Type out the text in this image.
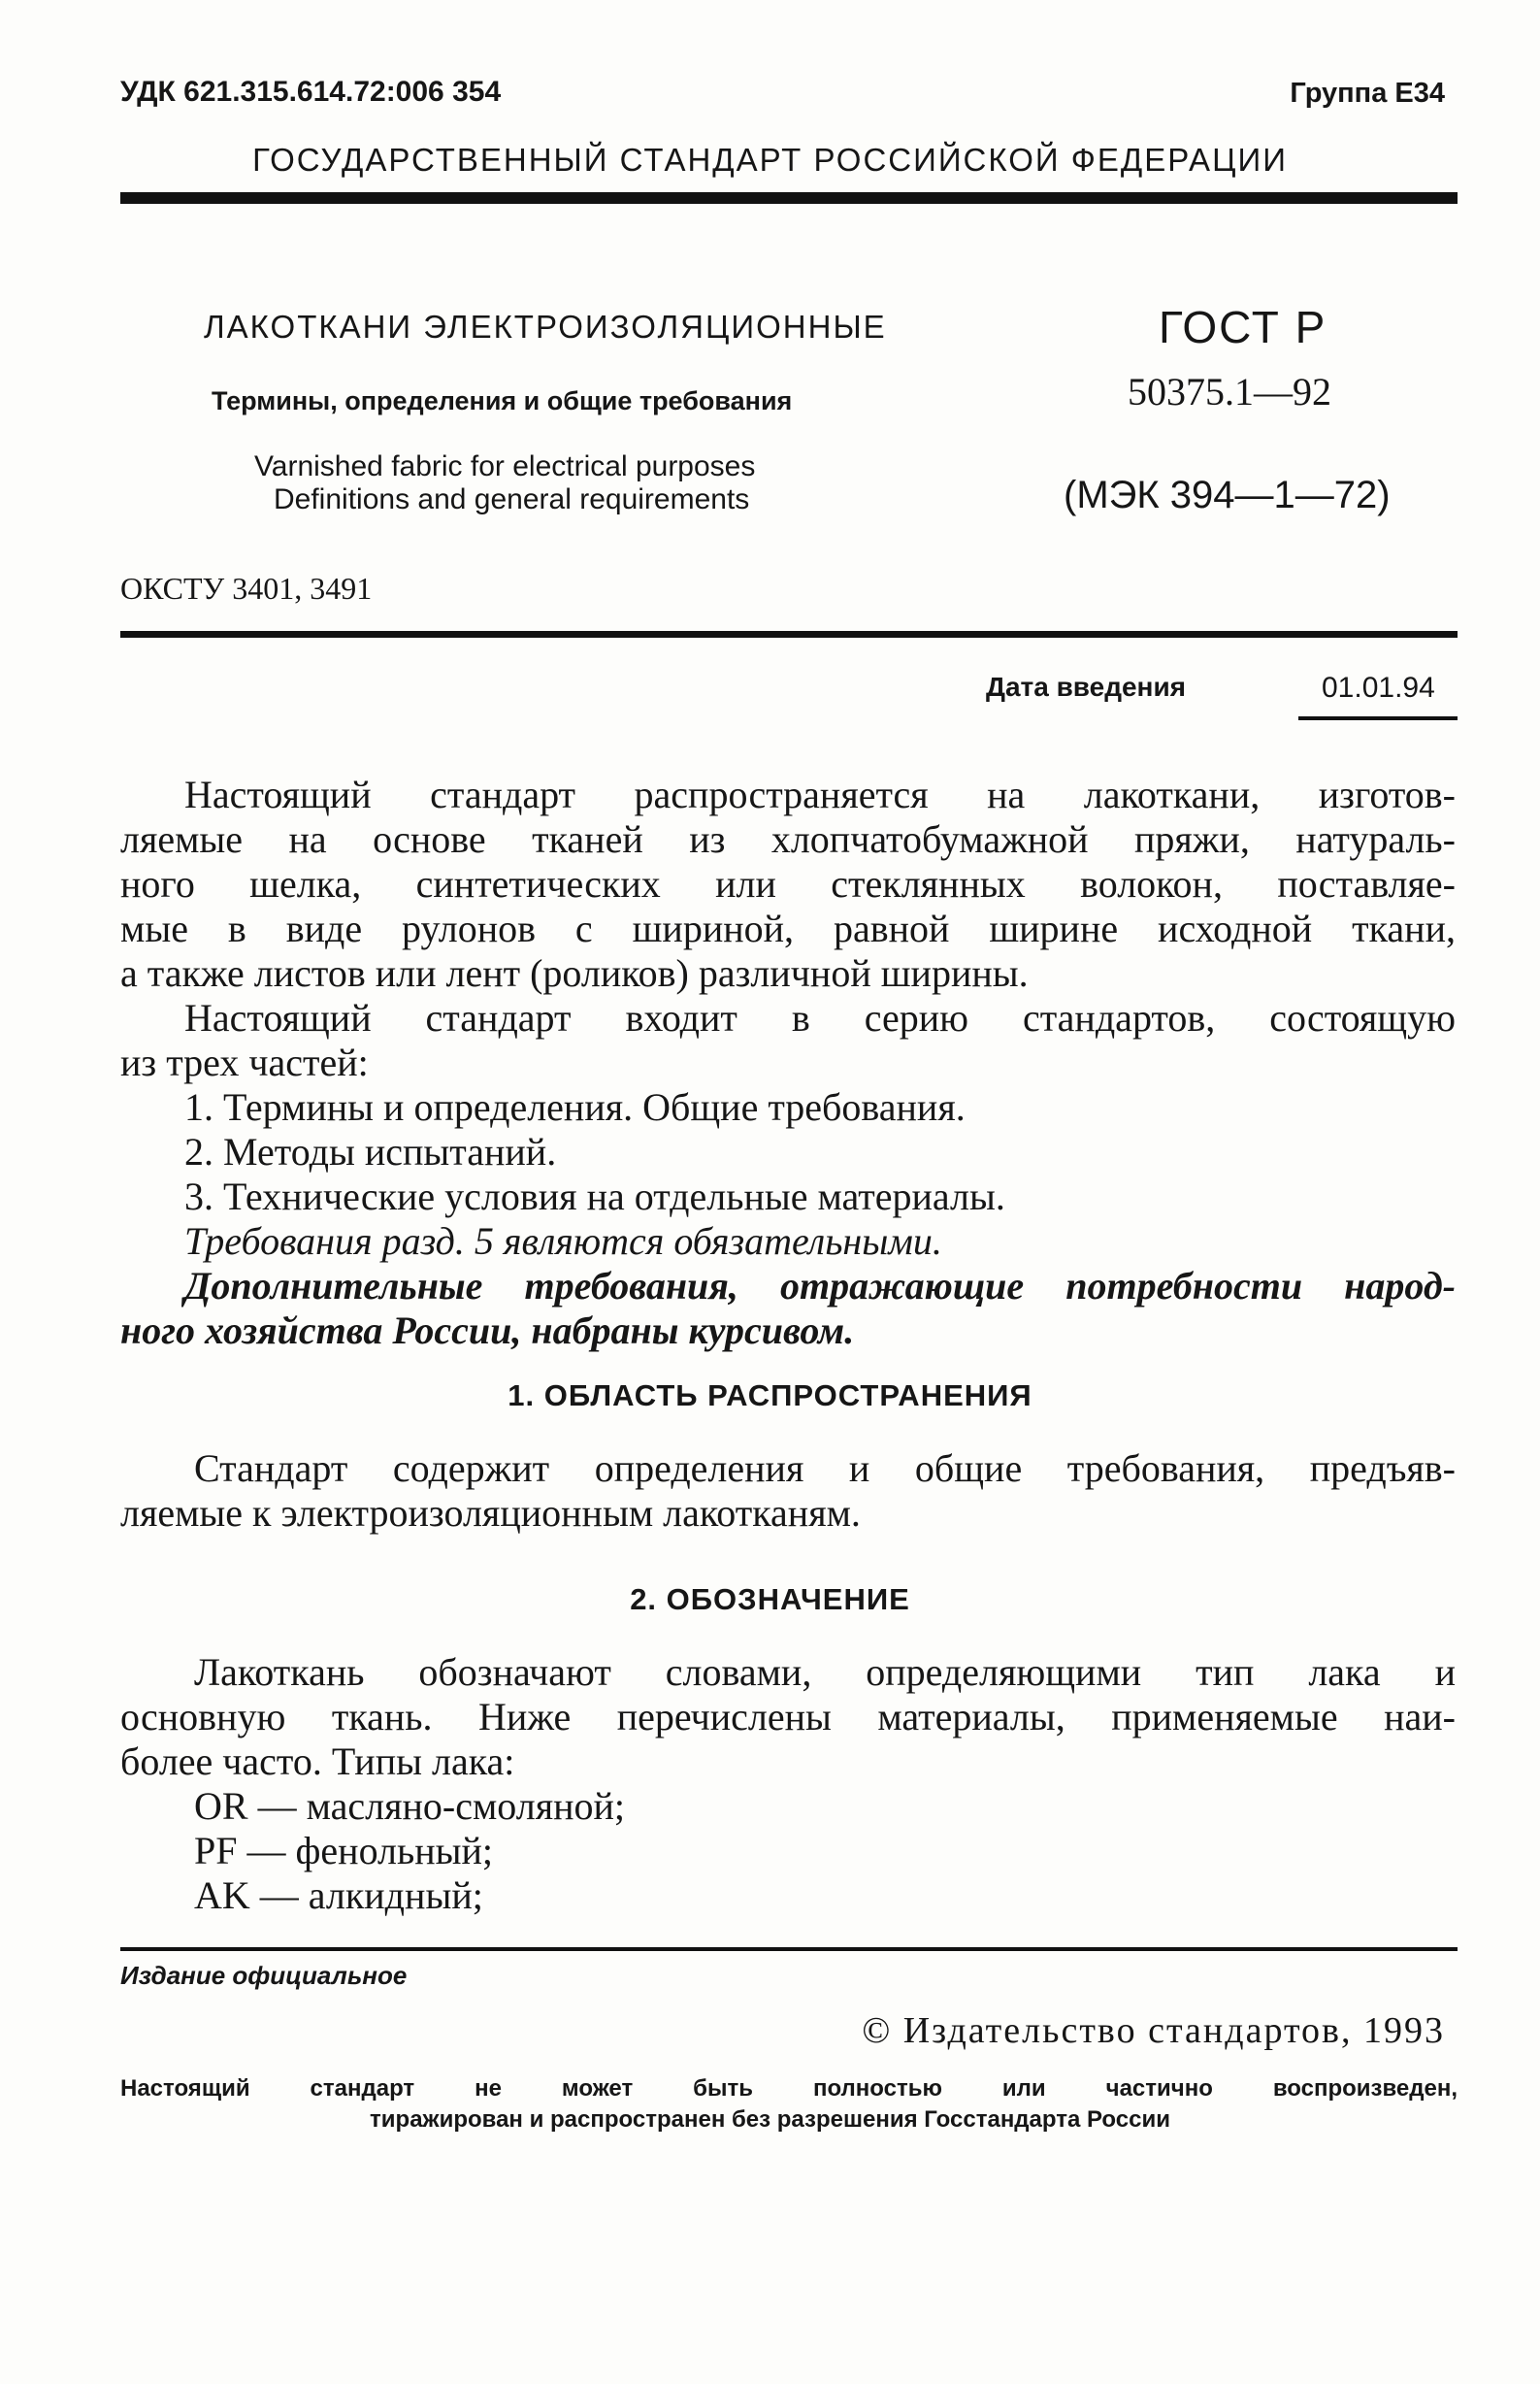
УДК 621.315.614.72:006 354	Группа Е34
ГОСУДАРСТВЕННЫЙ СТАНДАРТ РОССИЙСКОЙ ФЕДЕРАЦИИ
ЛАКОТКАНИ ЭЛЕКТРОИЗОЛЯЦИОННЫЕ
Термины, определения и общие требования
Varnished fabric for electrical purposes
Definitions and general requirements
ГОСТ Р
50375.1—92
(МЭК 394—1—72)
ОКСТУ 3401, 3491
Дата введения	01.01.94
Настоящий стандарт распространяется на лакоткани, изготов-
ляемые на основе тканей из хлопчатобумажной пряжи, натураль-
ного шелка, синтетических или стеклянных волокон, поставляе-
мые в виде рулонов с шириной, равной ширине исходной ткани,
а также листов или лент (роликов) различной ширины.
Настоящий стандарт входит в серию стандартов, состоящую
из трех частей:
1. Термины и определения. Общие требования.
2. Методы испытаний.
3. Технические условия на отдельные материалы.
Требования разд. 5 являются обязательными.
Дополнительные требования, отражающие потребности народ-
ного хозяйства России, набраны курсивом.
1. ОБЛАСТЬ РАСПРОСТРАНЕНИЯ
Стандарт содержит определения и общие требования, предъяв-
ляемые к электроизоляционным лакотканям.
2. ОБОЗНАЧЕНИЕ
Лакоткань обозначают словами, определяющими тип лака и
основную ткань. Ниже перечислены материалы, применяемые наи-
более часто. Типы лака:
OR — масляно-смоляной;
PF — фенольный;
AK — алкидный;
Издание официальное
© Издательство стандартов, 1993
Настоящий стандарт не может быть полностью или частично воспроизведен,
тиражирован и распространен без разрешения Госстандарта России
